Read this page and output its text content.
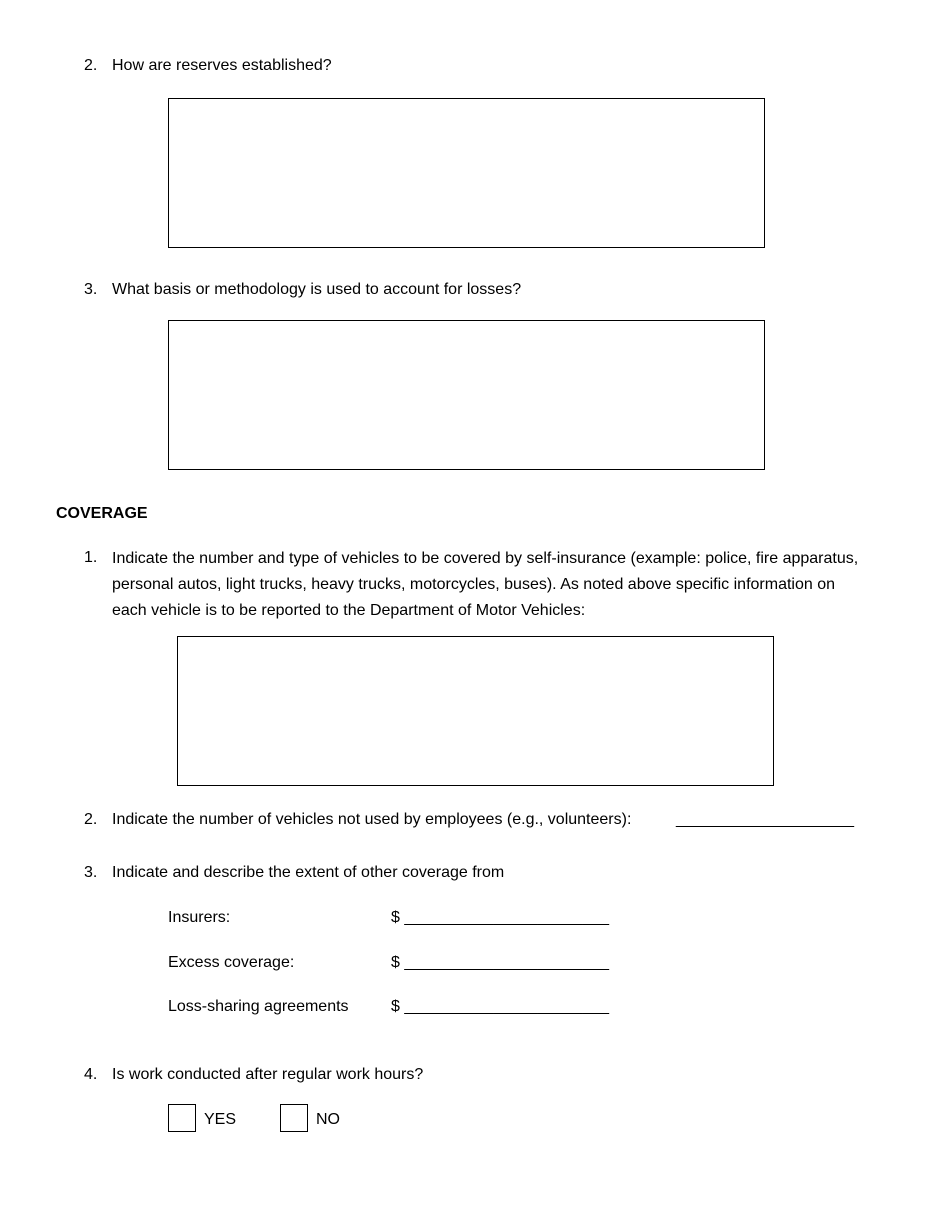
2. How are reserves established?
3. What basis or methodology is used to account for losses?
COVERAGE
1. Indicate the number and type of vehicles to be covered by self-insurance (example: police, fire apparatus, personal autos, light trucks, heavy trucks, motorcycles, buses). As noted above specific information on each vehicle is to be reported to the Department of Motor Vehicles:
2. Indicate the number of vehicles not used by employees (e.g., volunteers):	____________________
3. Indicate and describe the extent of other coverage from
Insurers:	$ _______________________
Excess coverage:	$ _______________________
Loss-sharing agreements	$ _______________________
4. Is work conducted after regular work hours?
YES	NO
